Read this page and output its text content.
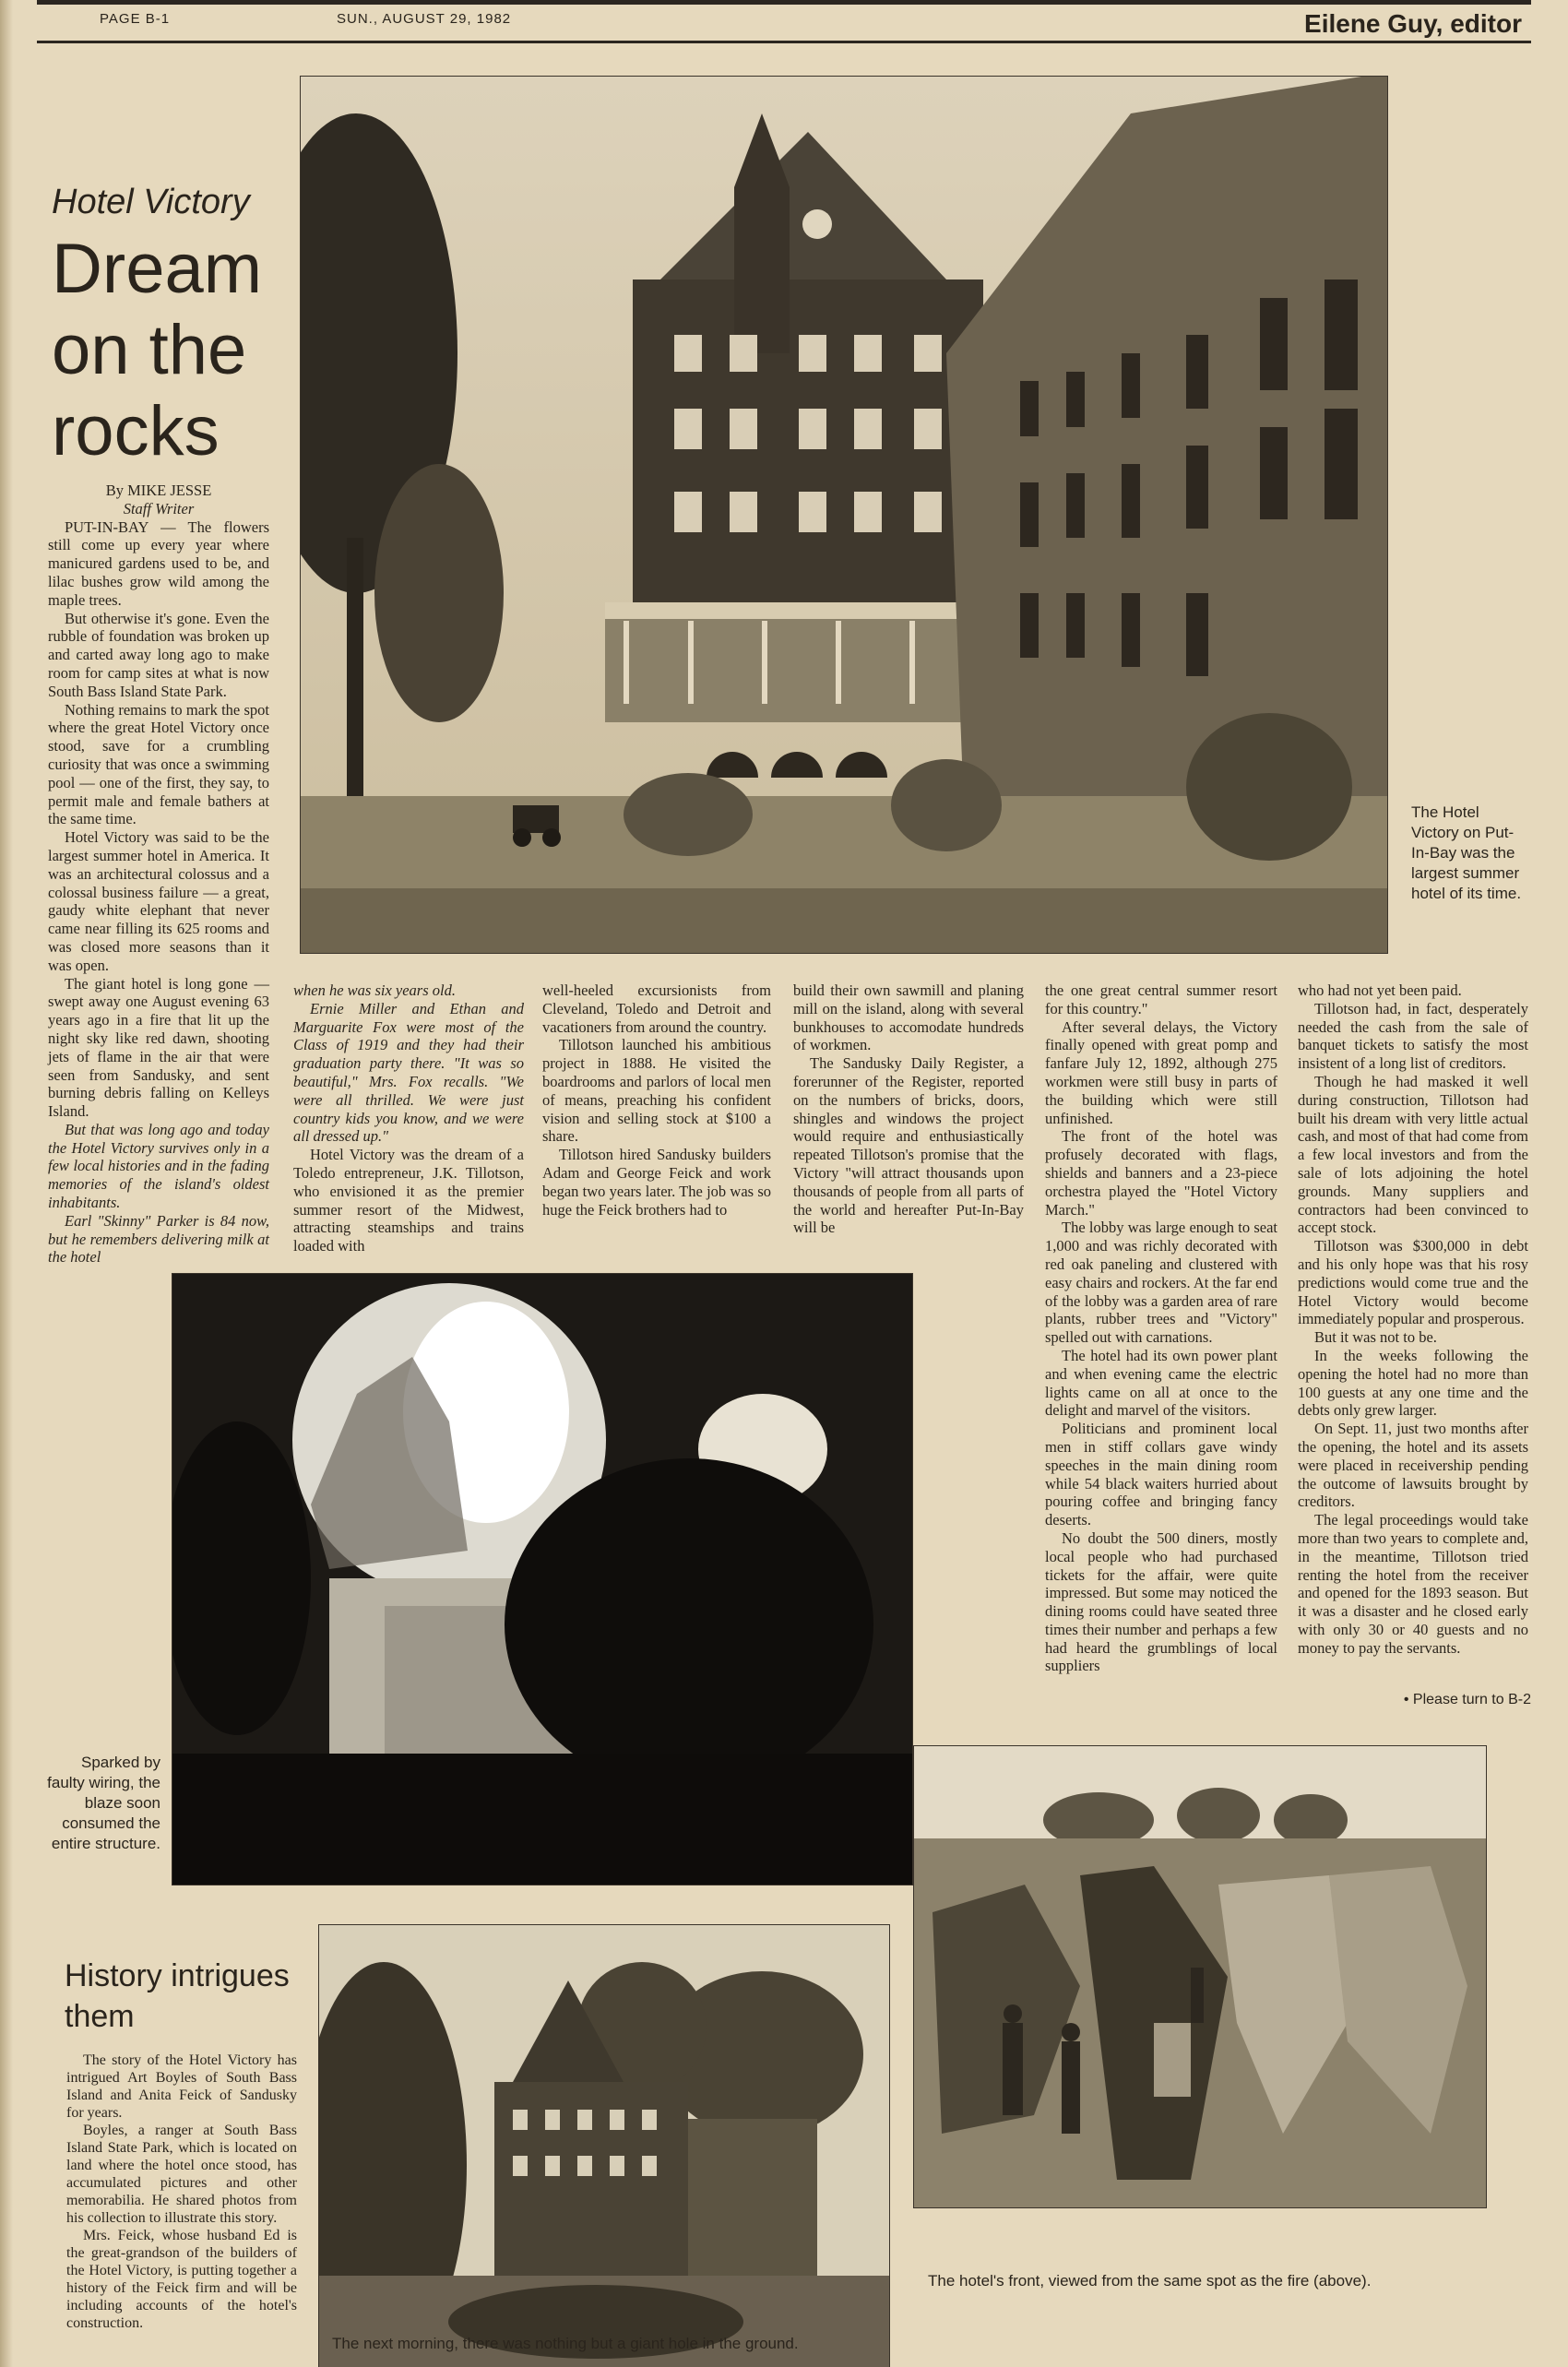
PAGE B-1	SUN., AUGUST 29, 1982	Eilene Guy, editor
Hotel Victory
Dream on the rocks
The Hotel Victory on Put-In-Bay was the largest summer hotel of its time.

By MIKE JESSE

Staff Writer

PUT-IN-BAY — The flowers still come up every year where manicured gardens used to be, and lilac bushes grow wild among the maple trees.

But otherwise it's gone. Even the rubble of foundation was broken up and carted away long ago to make room for camp sites at what is now South Bass Island State Park.

Nothing remains to mark the spot where the great Hotel Victory once stood, save for a crumbling curiosity that was once a swimming pool — one of the first, they say, to permit male and female bathers at the same time.

Hotel Victory was said to be the largest summer hotel in America. It was an architectural colossus and a colossal business failure — a great, gaudy white elephant that never came near filling its 625 rooms and was closed more seasons than it was open.

The giant hotel is long gone — swept away one August evening 63 years ago in a fire that lit up the night sky like red dawn, shooting jets of flame in the air that were seen from Sandusky, and sent burning debris falling on Kelleys Island.

But that was long ago and today the Hotel Victory survives only in a few local histories and in the fading memories of the island's oldest inhabitants.

Earl "Skinny" Parker is 84 now, but he remembers delivering milk at the hotel

when he was six years old.

Ernie Miller and Ethan and Marguarite Fox were most of the Class of 1919 and they had their graduation party there. "It was so beautiful," Mrs. Fox recalls. "We were all thrilled. We were just country kids you know, and we were all dressed up."

Hotel Victory was the dream of a Toledo entrepreneur, J.K. Tillotson, who envisioned it as the premier summer resort of the Midwest, attracting steamships and trains loaded with

well-heeled excursionists from Cleveland, Toledo and Detroit and vacationers from around the country.

Tillotson launched his ambitious project in 1888. He visited the boardrooms and parlors of local men of means, preaching his confident vision and selling stock at $100 a share.

Tillotson hired Sandusky builders Adam and George Feick and work began two years later. The job was so huge the Feick brothers had to

build their own sawmill and planing mill on the island, along with several bunkhouses to accomodate hundreds of workmen.

The Sandusky Daily Register, a forerunner of the Register, reported on the numbers of bricks, doors, shingles and windows the project would require and enthusiastically repeated Tillotson's promise that the Victory "will attract thousands upon thousands of people from all parts of the world and hereafter Put-In-Bay will be

the one great central summer resort for this country."

After several delays, the Victory finally opened with great pomp and fanfare July 12, 1892, although 275 workmen were still busy in parts of the building which were still unfinished.

The front of the hotel was profusely decorated with flags, shields and banners and a 23-piece orchestra played the "Hotel Victory March."

The lobby was large enough to seat 1,000 and was richly decorated with red oak paneling and clustered with easy chairs and rockers. At the far end of the lobby was a garden area of rare plants, rubber trees and "Victory" spelled out with carnations.

The hotel had its own power plant and when evening came the electric lights came on all at once to the delight and marvel of the visitors.

Politicians and prominent local men in stiff collars gave windy speeches in the main dining room while 54 black waiters hurried about pouring coffee and bringing fancy deserts.

No doubt the 500 diners, mostly local people who had purchased tickets for the affair, were quite impressed. But some may noticed the dining rooms could have seated three times their number and perhaps a few had heard the grumblings of local suppliers

who had not yet been paid.

Tillotson had, in fact, desperately needed the cash from the sale of banquet tickets to satisfy the most insistent of a long list of creditors.

Though he had masked it well during construction, Tillotson had built his dream with very little actual cash, and most of that had come from a few local investors and from the sale of lots adjoining the hotel grounds. Many suppliers and contractors had been convinced to accept stock.

Tillotson was $300,000 in debt and his only hope was that his rosy predictions would come true and the Hotel Victory would become immediately popular and prosperous.

But it was not to be.

In the weeks following the opening the hotel had no more than 100 guests at any one time and the debts only grew larger.

On Sept. 11, just two months after the opening, the hotel and its assets were placed in receivership pending the outcome of lawsuits brought by creditors.

The legal proceedings would take more than two years to complete and, in the meantime, Tillotson tried renting the hotel from the receiver and opened for the 1893 season. But it was a disaster and he closed early with only 30 or 40 guests and no money to pay the servants.

• Please turn to B-2
Sparked by faulty wiring, the blaze soon consumed the entire structure.
The hotel's front, viewed from the same spot as the fire (above).
The next morning, there was nothing but a giant hole in the ground.
History intrigues them

The story of the Hotel Victory has intrigued Art Boyles of South Bass Island and Anita Feick of Sandusky for years.

Boyles, a ranger at South Bass Island State Park, which is located on land where the hotel once stood, has accumulated pictures and other memorabilia. He shared photos from his collection to illustrate this story.

Mrs. Feick, whose husband Ed is the great-grandson of the builders of the Hotel Victory, is putting together a history of the Feick firm and will be including accounts of the hotel's construction.
